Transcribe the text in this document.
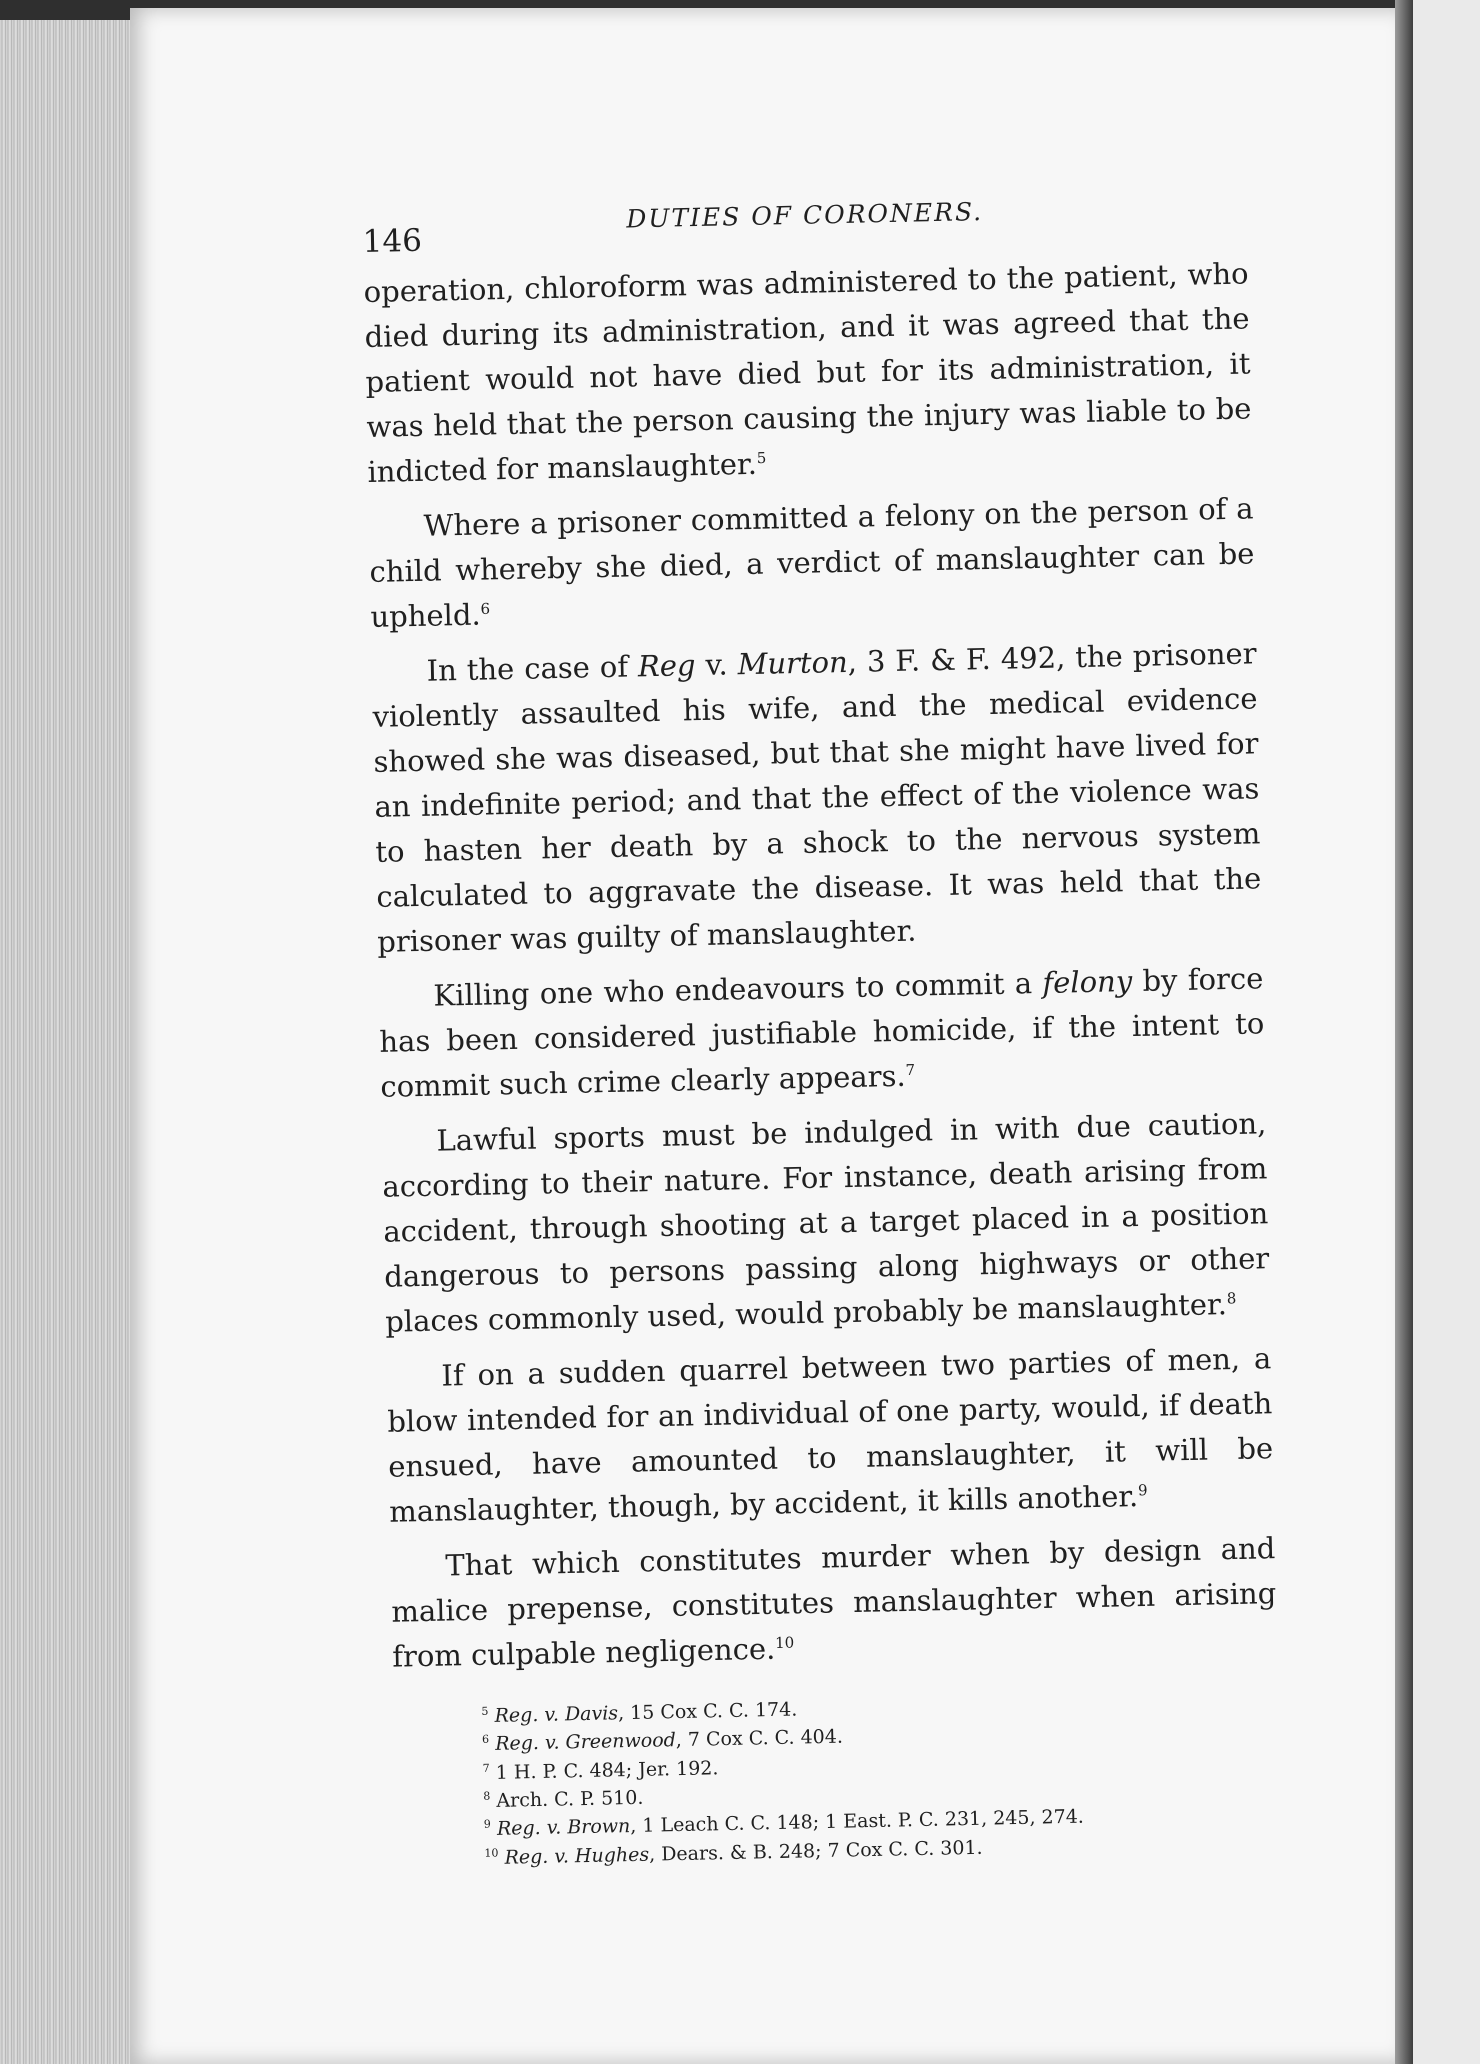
146
DUTIES OF CORONERS.

operation, chloroform was administered to the patient, who died during its administration, and it was agreed that the patient would not have died but for its administration, it was held that the person causing the injury was liable to be indicted for manslaughter.$^5$

Where a prisoner committed a felony on the person of a child whereby she died, a verdict of manslaughter can be upheld.$^6$

In the case of Reg v. Murton, 3 F. & F. 492, the prisoner violently assaulted his wife, and the medical evidence showed she was diseased, but that she might have lived for an indefinite period; and that the effect of the violence was to hasten her death by a shock to the nervous system calculated to aggravate the disease. It was held that the prisoner was guilty of manslaughter.

Killing one who endeavours to commit a felony by force has been considered justifiable homicide, if the intent to commit such crime clearly appears.$^7$

Lawful sports must be indulged in with due caution, according to their nature. For instance, death arising from accident, through shooting at a target placed in a position dangerous to persons passing along highways or other places commonly used, would probably be manslaughter.$^8$

If on a sudden quarrel between two parties of men, a blow intended for an individual of one party, would, if death ensued, have amounted to manslaughter, it will be manslaughter, though, by accident, it kills another.$^9$

That which constitutes murder when by design and malice prepense, constitutes manslaughter when arising from culpable negligence.$^{10}$

$^5$ Reg. v. Davis, 15 Cox C. C. 174.

$^6$ Reg. v. Greenwood, 7 Cox C. C. 404.

$^7$ 1 H. P. C. 484; Jer. 192.

$^8$ Arch. C. P. 510.

$^9$ Reg. v. Brown, 1 Leach C. C. 148; 1 East. P. C. 231, 245, 274.

$^{10}$ Reg. v. Hughes, Dears. & B. 248; 7 Cox C. C. 301.
